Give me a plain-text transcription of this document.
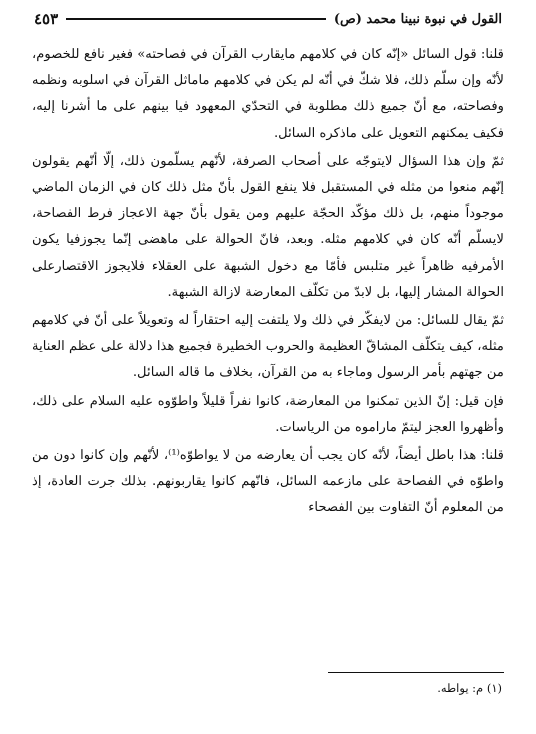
القول في نبوة نبينا محمد (ص)
٤٥٣

قلنا: قول السائل «إنّه كان في كلامهم مايقارب القرآن في فصاحته» فغير نافع للخصوم، لأنّه وإن سلّم ذلك، فلا شكّ في أنّه لم يكن في كلامهم ماماثل القرآن في اسلوبه ونظمه وفصاحته، مع أنّ جميع ذلك مطلوبة في التحدّي المعهود فيا بينهم على ما أشرنا إليه، فكيف يمكنهم التعويل على ماذكره السائل.

ثمّ وإن هذا السؤال لايتوجّه على أصحاب الصرفة، لأنّهم يسلّمون ذلك، إلّا أنّهم يقولون إنّهم منعوا من مثله في المستقبل فلا ينفع القول بأنّ مثل ذلك كان في الزمان الماضي موجوداً منهم، بل ذلك مؤكّد الحجّة عليهم ومن يقول بأنّ جهة الاعجاز فرط الفصاحة، لايسلّم أنّه كان في كلامهم مثله. وبعد، فانّ الحوالة على ماهضى إنّما يجوزفيا يكون الأمرفيه ظاهراً غير متلبس فأمّا مع دخول الشبهة على العقلاء فلايجوز الاقتصارعلى الحوالة المشار إليها، بل لابدّ من تكلّف المعارضة لازالة الشبهة.

ثمّ يقال للسائل: من لايفكّر في ذلك ولا يلتفت إليه احتقاراً له وتعويلاً على أنّ في كلامهم مثله، كيف يتكلّف المشاقّ العظيمة والحروب الخطيرة فجميع هذا دلالة على عظم العناية من جهتهم بأمر الرسول وماجاء به من القرآن، بخلاف ما قاله السائل.

فإن قيل: إنّ الذين تمكنوا من المعارضة، كانوا نفراً قليلاً واطوّوه عليه السلام على ذلك، وأظهروا العجز ليتمّ ماراموه من الرياسات.

قلنا: هذا باطل أيضاً، لأنّه كان يجب أن يعارضه من لا يواطوّه⁽¹⁾، لأنّهم وإن كانوا دون من واطوّه في الفصاحة على مازعمه السائل، فانّهم كانوا يقاربونهم. بذلك جرت العادة، إذ من المعلوم أنّ التفاوت بين الفصحاء

(١) م: يواطه.
